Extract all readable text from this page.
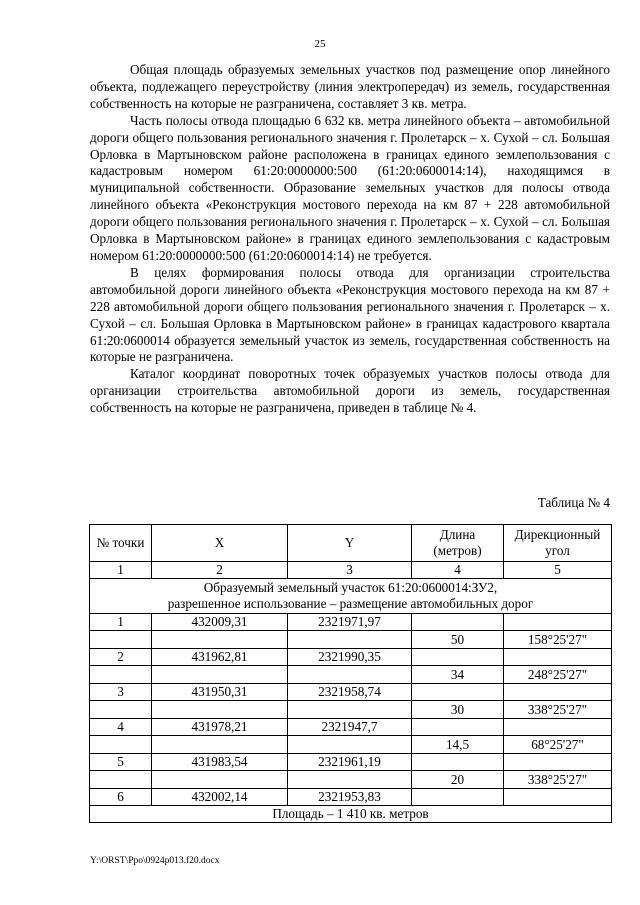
25

Общая площадь образуемых земельных участков под размещение опор линейного объекта, подлежащего переустройству (линия электропередач) из земель, государственная собственность на которые не разграничена, составляет 3 кв. метра.

Часть полосы отвода площадью 6 632 кв. метра линейного объекта – автомобильной дороги общего пользования регионального значения г. Пролетарск – х. Сухой – сл. Большая Орловка в Мартыновском районе расположена в границах единого землепользования с кадастровым номером 61:20:0000000:500 (61:20:0600014:14), находящимся в муниципальной собственности. Образование земельных участков для полосы отвода линейного объекта «Реконструкция мостового перехода на км 87 + 228 автомобильной дороги общего пользования регионального значения г. Пролетарск – х. Сухой – сл. Большая Орловка в Мартыновском районе» в границах единого землепользования с кадастровым номером 61:20:0000000:500 (61:20:0600014:14) не требуется.

В целях формирования полосы отвода для организации строительства автомобильной дороги линейного объекта «Реконструкция мостового перехода на км 87 + 228 автомобильной дороги общего пользования регионального значения г. Пролетарск – х. Сухой – сл. Большая Орловка в Мартыновском районе» в границах кадастрового квартала 61:20:0600014 образуется земельный участок из земель, государственная собственность на которые не разграничена.

Каталог координат поворотных точек образуемых участков полосы отвода для организации строительства автомобильной дороги из земель, государственная собственность на которые не разграничена, приведен в таблице № 4.

Таблица № 4
№ точки	X	Y	Длина (метров)	Дирекционный угол
1	2	3	4	5

Образуемый земельный участок 61:20:0600014:ЗУ2,
разрешенное использование – размещение автомобильных дорог				

1	432009,31	2321971,97		
			50	158°25'27"
2	431962,81	2321990,35		
			34	248°25'27"
3	431950,31	2321958,74		
			30	338°25'27"
4	431978,21	2321947,7		
			14,5	68°25'27"
5	431983,54	2321961,19		
			20	338°25'27"
6	432002,14	2321953,83		
Площадь – 1 410 кв. метров				
Y:\ORST\Ppo\0924p013.f20.docx
